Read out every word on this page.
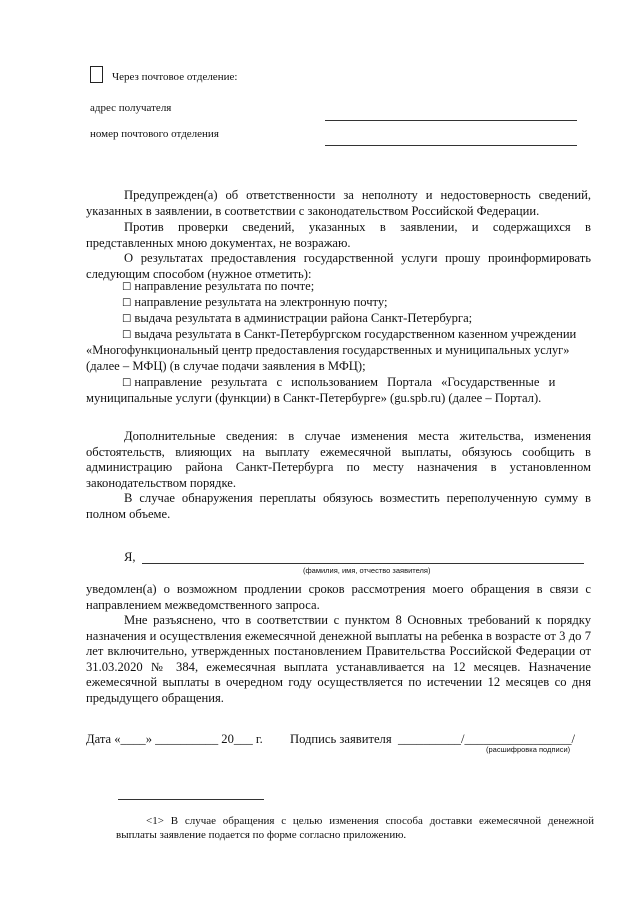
Через почтовое отделение:
адрес получателя
номер почтового отделения

Предупрежден(а) об ответственности за неполноту и недостоверность сведений, указанных в заявлении, в соответствии с законодательством Российской Федерации.

Против проверки сведений, указанных в заявлении, и содержащихся в представленных мною документах, не возражаю.

О результатах предоставления государственной услуги прошу проинформировать следующим способом (нужное отметить):

☐ направление результата по почте;
☐ направление результата на электронную почту;
☐ выдача результата в администрации района Санкт-Петербурга;
☐ выдача результата в Санкт-Петербургском государственном казенном учреждении
«Многофункциональный центр предоставления государственных и муниципальных услуг»
(далее – МФЦ) (в случае подачи заявления в МФЦ);
☐ направление результата с использованием Портала «Государственные и
муниципальные услуги (функции) в Санкт-Петербурге» (gu.spb.ru) (далее – Портал).

Дополнительные сведения: в случае изменения места жительства, изменения обстоятельств, влияющих на выплату ежемесячной выплаты, обязуюсь сообщить в администрацию района Санкт-Петербурга по месту назначения в установленном законодательством порядке.

В случае обнаружения переплаты обязуюсь возместить переполученную сумму в полном объеме.

Я,
(фамилия, имя, отчество заявителя)

уведомлен(а) о возможном продлении сроков рассмотрения моего обращения в связи с направлением межведомственного запроса.

Мне разъяснено, что в соответствии с пунктом 8 Основных требований к порядку назначения и осуществления ежемесячной денежной выплаты на ребенка в возрасте от 3 до 7 лет включительно, утвержденных постановлением Правительства Российской Федерации от 31.03.2020 № 384, ежемесячная выплата устанавливается на 12 месяцев. Назначение ежемесячной выплаты в очередном году осуществляется по истечении 12 месяцев со дня предыдущего обращения.

Дата «____» __________ 20___ г. Подпись заявителя __________/_________________/
(расшифровка подписи)

<1> В случае обращения с целью изменения способа доставки ежемесячной денежной выплаты заявление подается по форме согласно приложению.
